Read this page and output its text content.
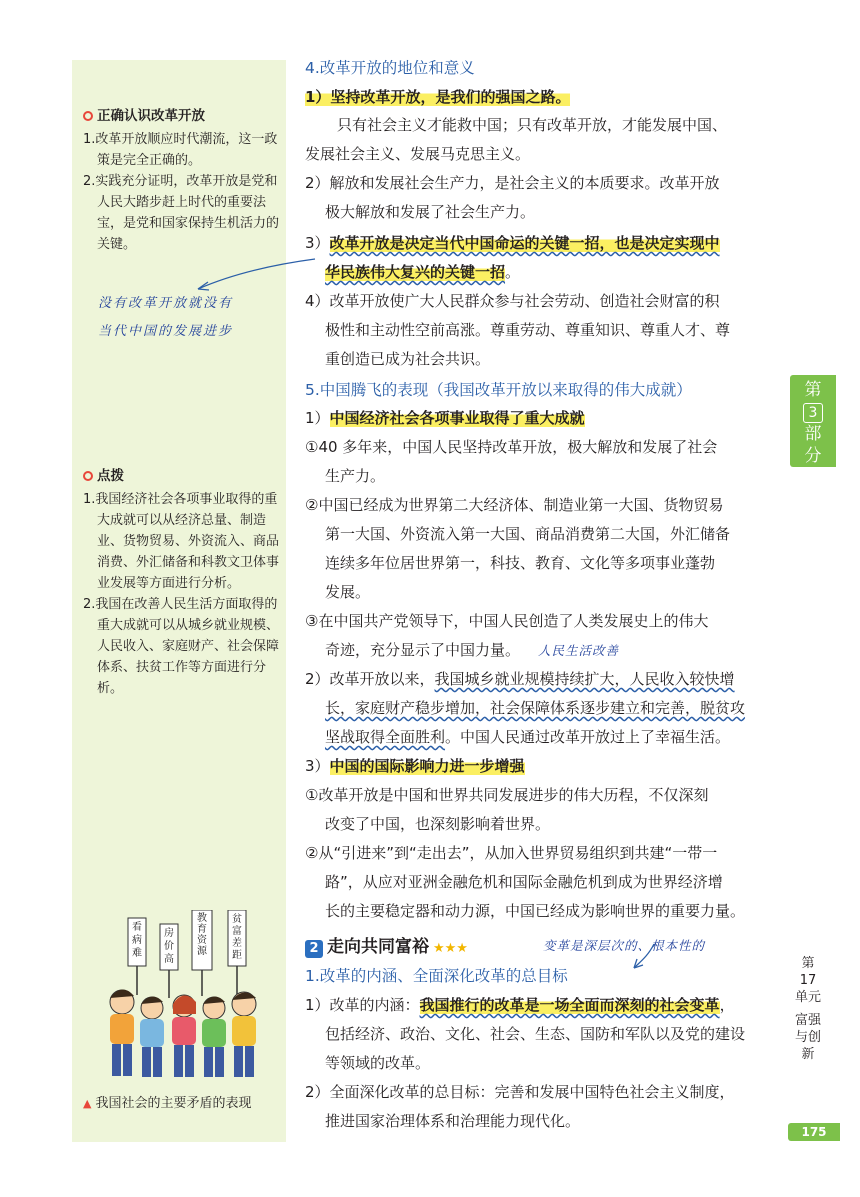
正确认识改革开放
1.改革开放顺应时代潮流，这一政策是完全正确的。
2.实践充分证明，改革开放是党和人民大踏步赶上时代的重要法宝，是党和国家保持生机活力的关键。
没有改革开放就没有
当代中国的发展进步
点拨
1.我国经济社会各项事业取得的重大成就可以从经济总量、制造业、货物贸易、外资流入、商品消费、外汇储备和科教文卫体事业发展等方面进行分析。
2.我国在改善人民生活方面取得的重大成就可以从城乡就业规模、人民收入、家庭财产、社会保障体系、扶贫工作等方面进行分析。
看
病
难
房
价
高
教
育
资
源
贫
富
差
距
▲ 我国社会的主要矛盾的表现
4.改革开放的地位和意义
1）坚持改革开放，是我们的强国之路。
只有社会主义才能救中国；只有改革开放，才能发展中国、
发展社会主义、发展马克思主义。
2）解放和发展社会生产力，是社会主义的本质要求。改革开放
极大解放和发展了社会生产力。
3）改革开放是决定当代中国命运的关键一招，也是决定实现中
华民族伟大复兴的关键一招。
4）改革开放使广大人民群众参与社会劳动、创造社会财富的积
极性和主动性空前高涨。尊重劳动、尊重知识、尊重人才、尊
重创造已成为社会共识。
5.中国腾飞的表现（我国改革开放以来取得的伟大成就）
1）中国经济社会各项事业取得了重大成就
①40 多年来，中国人民坚持改革开放，极大解放和发展了社会
生产力。
②中国已经成为世界第二大经济体、制造业第一大国、货物贸易
第一大国、外资流入第一大国、商品消费第二大国，外汇储备
连续多年位居世界第一，科技、教育、文化等多项事业蓬勃
发展。
③在中国共产党领导下，中国人民创造了人类发展史上的伟大
奇迹，充分显示了中国力量。 人民生活改善
2）改革开放以来，我国城乡就业规模持续扩大，人民收入较快增
长，家庭财产稳步增加，社会保障体系逐步建立和完善，脱贫攻
坚战取得全面胜利。中国人民通过改革开放过上了幸福生活。
3）中国的国际影响力进一步增强
①改革开放是中国和世界共同发展进步的伟大历程，不仅深刻
改变了中国，也深刻影响着世界。
②从“引进来”到“走出去”，从加入世界贸易组织到共建“一带一
路”，从应对亚洲金融危机和国际金融危机到成为世界经济增
长的主要稳定器和动力源，中国已经成为影响世界的重要力量。
2 走向共同富裕 ★★★	变革是深层次的、根本性的
1.改革的内涵、全面深化改革的总目标
1）改革的内涵：我国推行的改革是一场全面而深刻的社会变革，
包括经济、政治、文化、社会、生态、国防和军队以及党的建设
等领域的改革。
2）全面深化改革的总目标：完善和发展中国特色社会主义制度，
推进国家治理体系和治理能力现代化。
第
3
部分
第17单元
富强与创新
175
